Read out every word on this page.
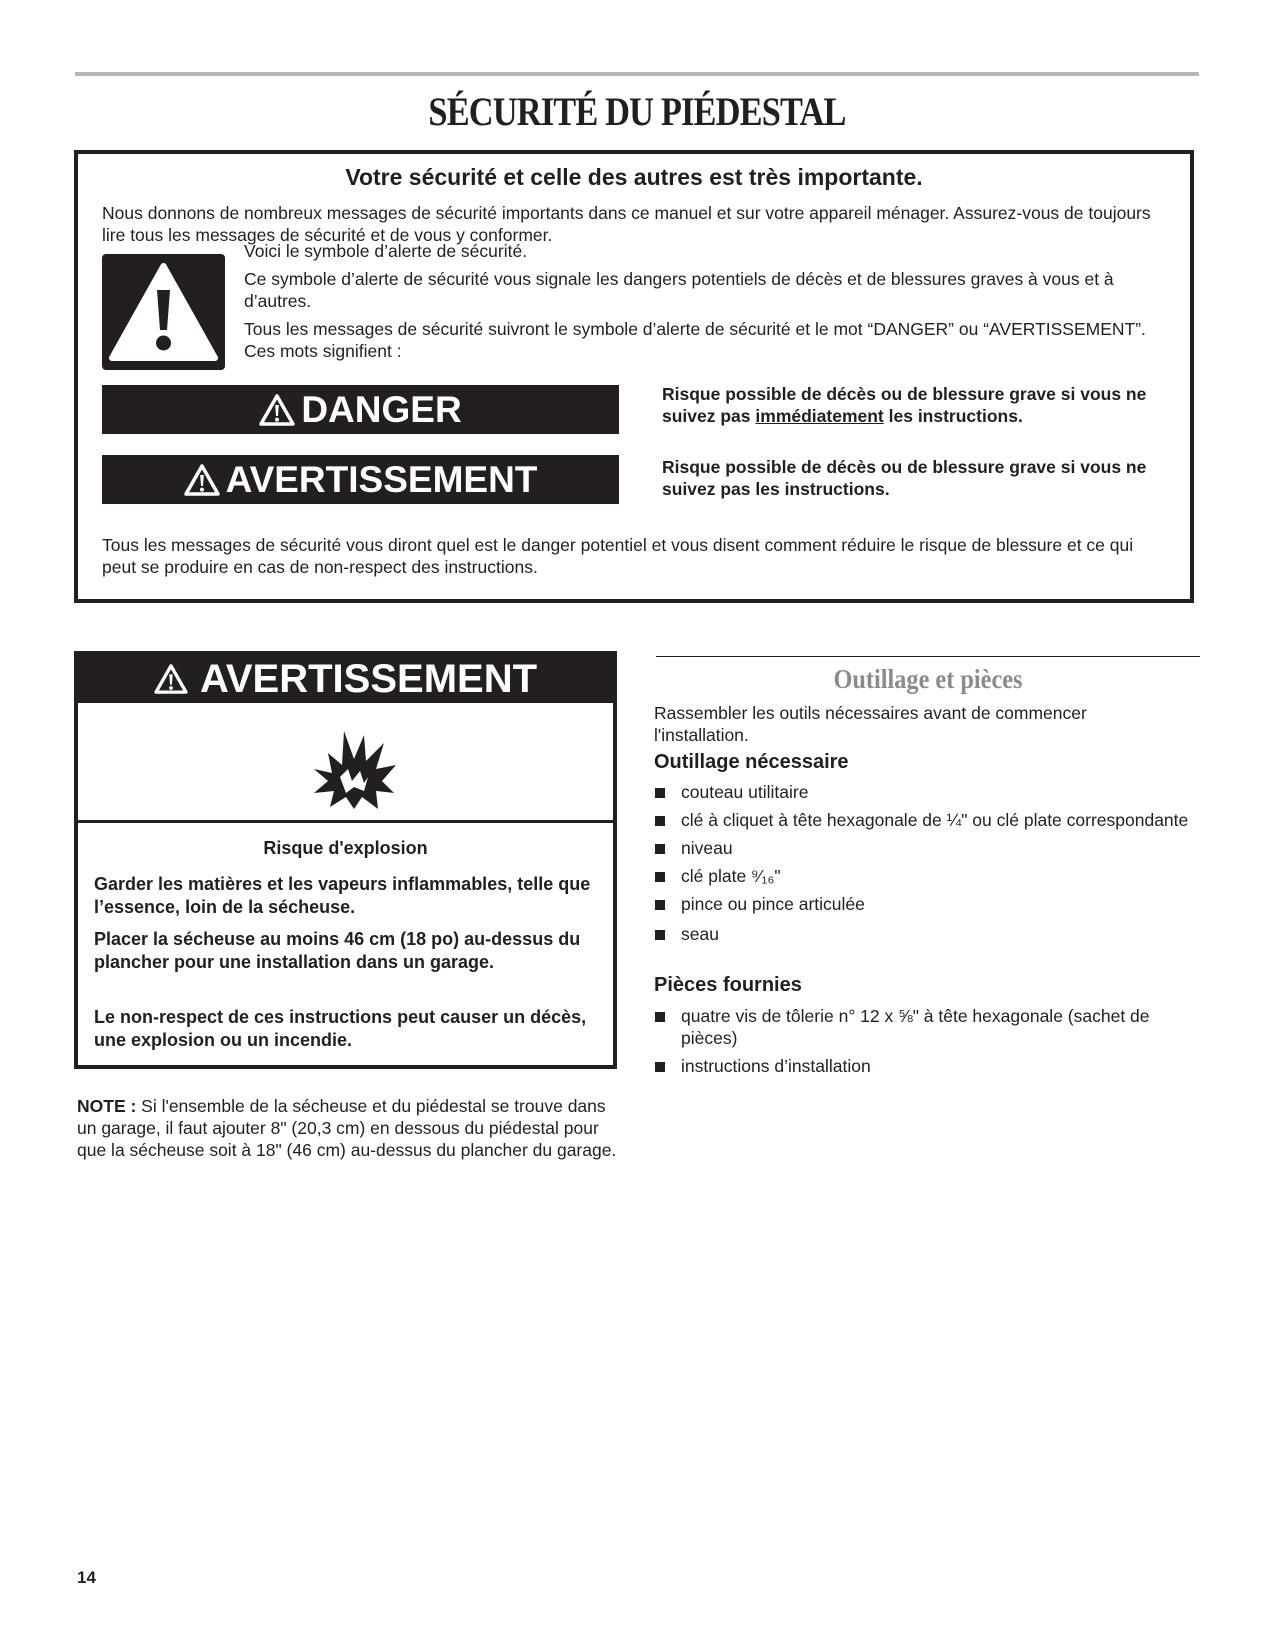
SÉCURITÉ DU PIÉDESTAL

Votre sécurité et celle des autres est très importante.

Nous donnons de nombreux messages de sécurité importants dans ce manuel et sur votre appareil ménager. Assurez-vous de toujours lire tous les messages de sécurité et de vous y conformer.

Voici le symbole d’alerte de sécurité.

Ce symbole d’alerte de sécurité vous signale les dangers potentiels de décès et de blessures graves à vous et à d’autres.

Tous les messages de sécurité suivront le symbole d’alerte de sécurité et le mot “DANGER” ou “AVERTISSEMENT”. Ces mots signifient :

DANGER	Risque possible de décès ou de blessure grave si vous ne suivez pas immédiatement les instructions.

AVERTISSEMENT	Risque possible de décès ou de blessure grave si vous ne suivez pas les instructions.

Tous les messages de sécurité vous diront quel est le danger potentiel et vous disent comment réduire le risque de blessure et ce qui peut se produire en cas de non-respect des instructions.

AVERTISSEMENT

Risque d'explosion

Garder les matières et les vapeurs inflammables, telle que l’essence, loin de la sécheuse.

Placer la sécheuse au moins 46 cm (18 po) au-dessus du plancher pour une installation dans un garage.

Le non-respect de ces instructions peut causer un décès, une explosion ou un incendie.

NOTE : Si l'ensemble de la sécheuse et du piédestal se trouve dans un garage, il faut ajouter 8" (20,3 cm) en dessous du piédestal pour que la sécheuse soit à 18" (46 cm) au-dessus du plancher du garage.

Outillage et pièces

Rassembler les outils nécessaires avant de commencer l'installation.

Outillage nécessaire

couteau utilitaire
clé à cliquet à tête hexagonale de ¼" ou clé plate correspondante
niveau
clé plate ⁹⁄₁₆"
pince ou pince articulée
seau

Pièces fournies

quatre vis de tôlerie n° 12 x ⅝" à tête hexagonale (sachet de pièces)
instructions d’installation

14
